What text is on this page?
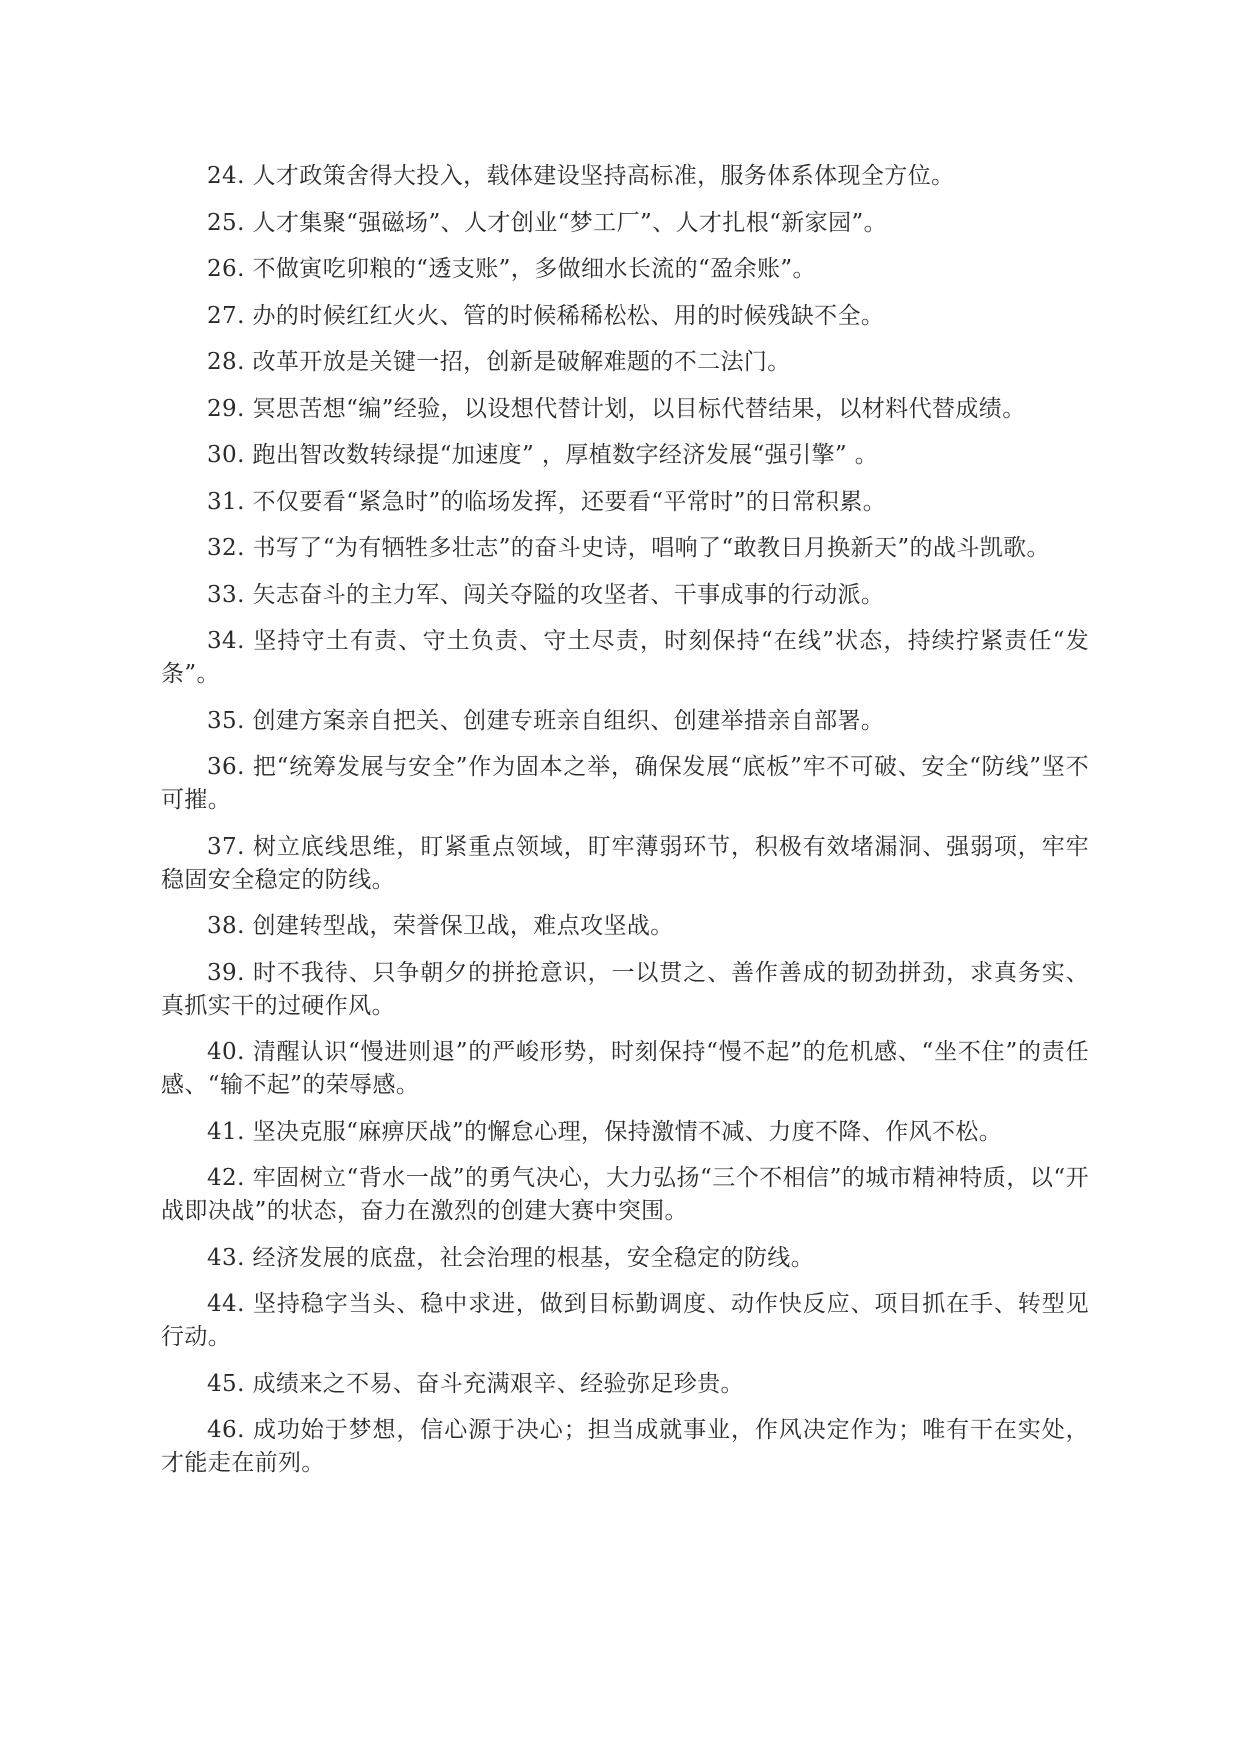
24. 人才政策舍得大投入，载体建设坚持高标准，服务体系体现全方位。

25. 人才集聚“强磁场”、人才创业“梦工厂”、人才扎根“新家园”。

26. 不做寅吃卯粮的“透支账”，多做细水长流的“盈余账”。

27. 办的时候红红火火、管的时候稀稀松松、用的时候残缺不全。

28. 改革开放是关键一招，创新是破解难题的不二法门。

29. 冥思苦想“编”经验，以设想代替计划，以目标代替结果，以材料代替成绩。

30. 跑出智改数转绿提“加速度” ，厚植数字经济发展“强引擎” 。

31. 不仅要看“紧急时”的临场发挥，还要看“平常时”的日常积累。

32. 书写了“为有牺牲多壮志”的奋斗史诗，唱响了“敢教日月换新天”的战斗凯歌。

33. 矢志奋斗的主力军、闯关夺隘的攻坚者、干事成事的行动派。

34. 坚持守土有责、守土负责、守土尽责，时刻保持“在线”状态，持续拧紧责任“发条”。

35. 创建方案亲自把关、创建专班亲自组织、创建举措亲自部署。

36. 把“统筹发展与安全”作为固本之举，确保发展“底板”牢不可破、安全“防线”坚不可摧。

37. 树立底线思维，盯紧重点领域，盯牢薄弱环节，积极有效堵漏洞、强弱项，牢牢稳固安全稳定的防线。

38. 创建转型战，荣誉保卫战，难点攻坚战。

39. 时不我待、只争朝夕的拼抢意识，一以贯之、善作善成的韧劲拼劲，求真务实、真抓实干的过硬作风。

40. 清醒认识“慢进则退”的严峻形势，时刻保持“慢不起”的危机感、“坐不住”的责任感、“输不起”的荣辱感。

41. 坚决克服“麻痹厌战”的懈怠心理，保持激情不减、力度不降、作风不松。

42. 牢固树立“背水一战”的勇气决心，大力弘扬“三个不相信”的城市精神特质，以“开战即决战”的状态，奋力在激烈的创建大赛中突围。

43. 经济发展的底盘，社会治理的根基，安全稳定的防线。

44. 坚持稳字当头、稳中求进，做到目标勤调度、动作快反应、项目抓在手、转型见行动。

45. 成绩来之不易、奋斗充满艰辛、经验弥足珍贵。

46. 成功始于梦想，信心源于决心；担当成就事业，作风决定作为；唯有干在实处，才能走在前列。
